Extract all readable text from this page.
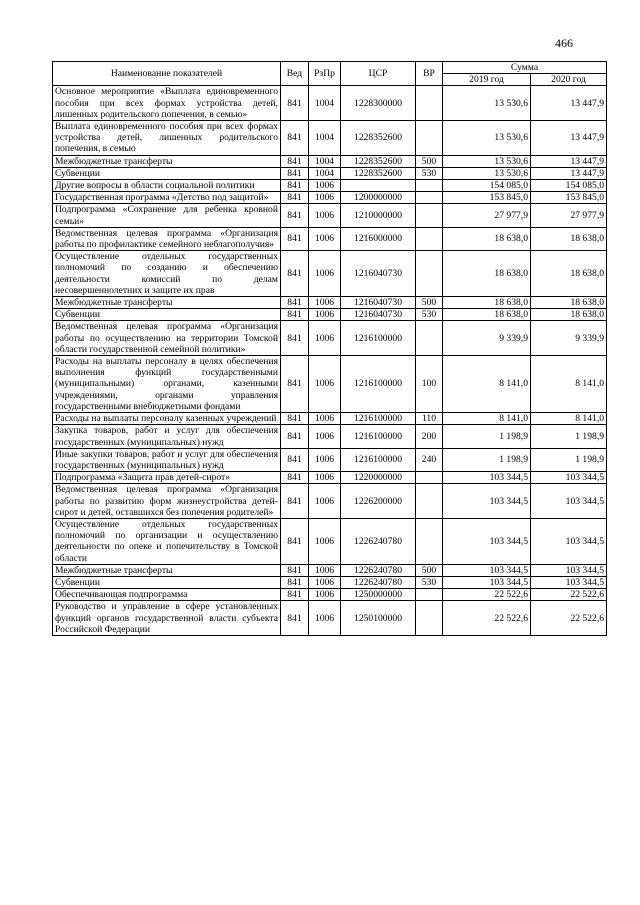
466
Наименование показателей	Вед	РзПр	ЦСР	ВР	Сумма	
					2019 год	2020 год
Основное мероприятие «Выплата единовременного пособия при всех формах устройства детей, лишенных родительского попечения, в семью»	841	1004	1228300000		13 530,6	13 447,9
Выплата единовременного пособия при всех формах устройства детей, лишенных родительского попечения, в семью	841	1004	1228352600		13 530,6	13 447,9
Межбюджетные трансферты	841	1004	1228352600	500	13 530,6	13 447,9
Субвенции	841	1004	1228352600	530	13 530,6	13 447,9
Другие вопросы в области социальной политики	841	1006			154 085,0	154 085,0
Государственная программа «Детство под защитой»	841	1006	1200000000		153 845,0	153 845,0
Подпрограмма «Сохранение для ребенка кровной семьи»	841	1006	1210000000		27 977,9	27 977,9
Ведомственная целевая программа «Организация работы по профилактике семейного неблагополучия»	841	1006	1216000000		18 638,0	18 638,0
Осуществление отдельных государственных полномочий по созданию и обеспечению деятельности комиссий по делам несовершеннолетних и защите их прав	841	1006	1216040730		18 638,0	18 638,0
Межбюджетные трансферты	841	1006	1216040730	500	18 638,0	18 638,0
Субвенции	841	1006	1216040730	530	18 638,0	18 638,0
Ведомственная целевая программа «Организация работы по осуществлению на территории Томской области государственной семейной политики»	841	1006	1216100000		9 339,9	9 339,9
Расходы на выплаты персоналу в целях обеспечения выполнения функций государственными (муниципальными) органами, казенными учреждениями, органами управления государственными внебюджетными фондами	841	1006	1216100000	100	8 141,0	8 141,0
Расходы на выплаты персоналу казенных учреждений	841	1006	1216100000	110	8 141,0	8 141,0
Закупка товаров, работ и услуг для обеспечения государственных (муниципальных) нужд	841	1006	1216100000	200	1 198,9	1 198,9
Иные закупки товаров, работ и услуг для обеспечения государственных (муниципальных) нужд	841	1006	1216100000	240	1 198,9	1 198,9
Подпрограмма «Защита прав детей-сирот»	841	1006	1220000000		103 344,5	103 344,5
Ведомственная целевая программа «Организация работы по развитию форм жизнеустройства детей-сирот и детей, оставшихся без попечения родителей»	841	1006	1226200000		103 344,5	103 344,5
Осуществление отдельных государственных полномочий по организации и осуществлению деятельности по опеке и попечительству в Томской области	841	1006	1226240780		103 344,5	103 344,5
Межбюджетные трансферты	841	1006	1226240780	500	103 344,5	103 344,5
Субвенции	841	1006	1226240780	530	103 344,5	103 344,5
Обеспечивающая подпрограмма	841	1006	1250000000		22 522,6	22 522,6
Руководство и управление в сфере установленных функций органов государственной власти субъекта Российской Федерации	841	1006	1250100000		22 522,6	22 522,6
